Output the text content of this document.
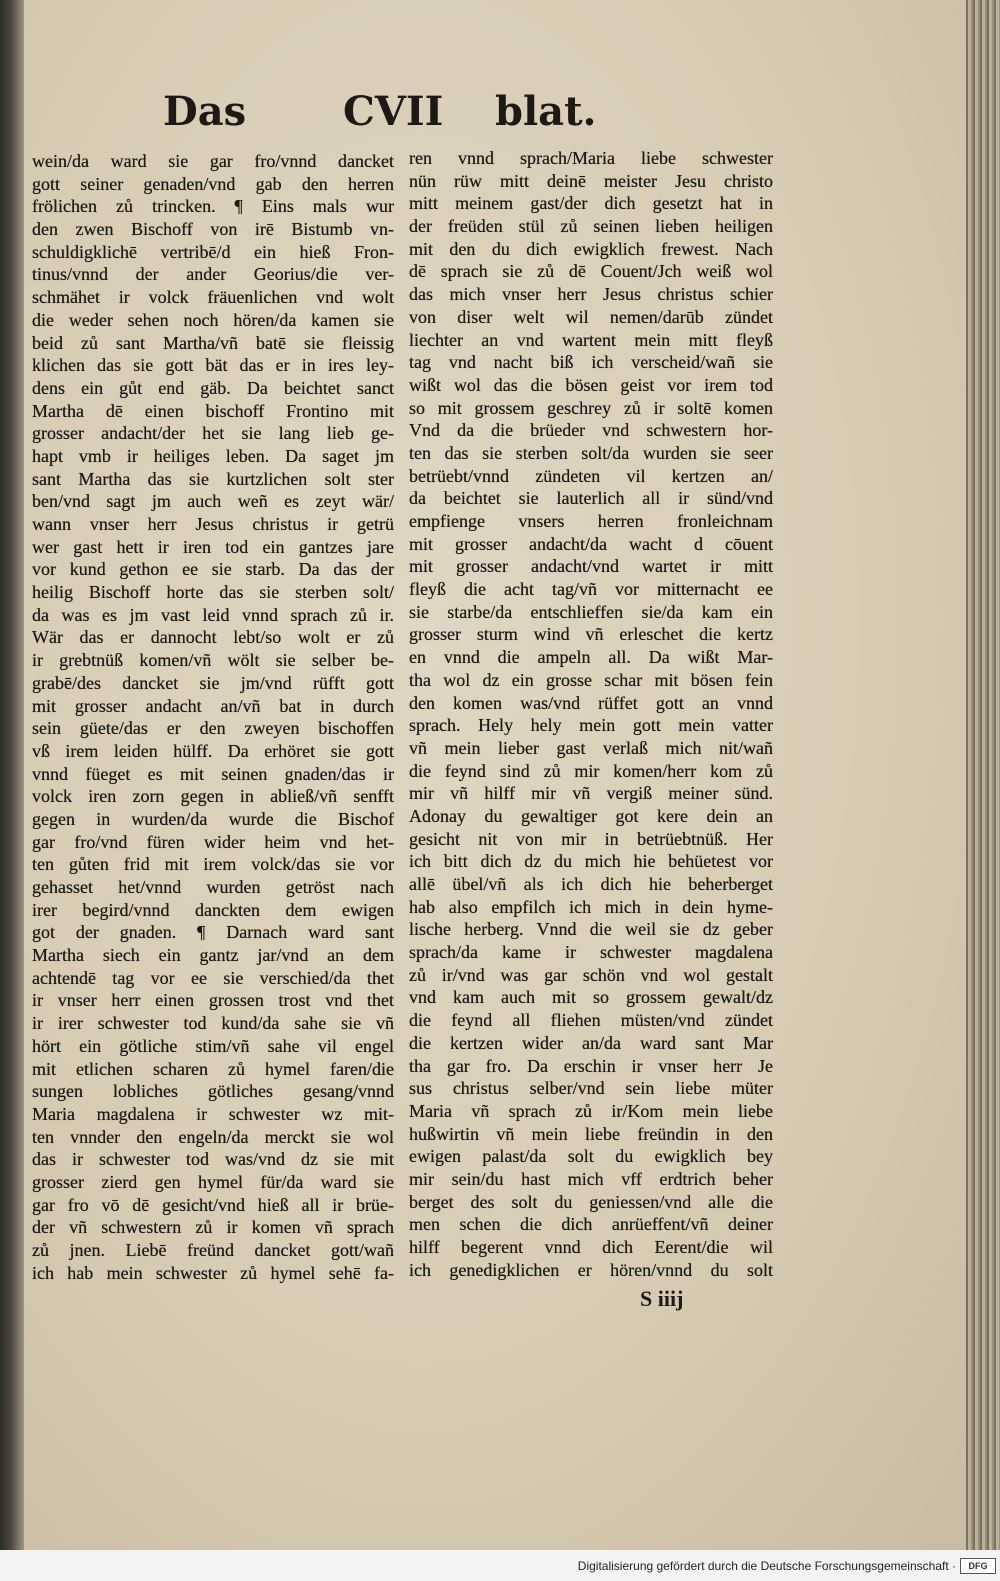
Das CVII blat.
wein/da ward sie gar fro/vnnd dancket
gott seiner genaden/vnd gab den herren
frölichen zů trincken. ¶ Eins mals wur
den zwen Bischoff von irē Bistumb vn-
schuldigklichē vertribē/d ein hieß Fron-
tinus/vnnd der ander Georius/die ver-
schmähet ir volck fräuenlichen vnd wolt
die weder sehen noch hören/da kamen sie
beid zů sant Martha/vñ batē sie fleissig
klichen das sie gott bät das er in ires ley-
dens ein gůt end gäb. Da beichtet sanct
Martha dē einen bischoff Frontino mit
grosser andacht/der het sie lang lieb ge-
hapt vmb ir heiliges leben. Da saget jm
sant Martha das sie kurtzlichen solt ster
ben/vnd sagt jm auch weñ es zeyt wär/
wann vnser herr Jesus christus ir getrü
wer gast hett ir iren tod ein gantzes jare
vor kund gethon ee sie starb. Da das der
heilig Bischoff horte das sie sterben solt/
da was es jm vast leid vnnd sprach zů ir.
Wär das er dannocht lebt/so wolt er zů
ir grebtnüß komen/vñ wölt sie selber be-
grabē/des dancket sie jm/vnd rüfft gott
mit grosser andacht an/vñ bat in durch
sein güete/das er den zweyen bischoffen
vß irem leiden hülff. Da erhöret sie gott
vnnd füeget es mit seinen gnaden/das ir
volck iren zorn gegen in abließ/vñ senfft
gegen in wurden/da wurde die Bischof
gar fro/vnd füren wider heim vnd het-
ten gůten frid mit irem volck/das sie vor
gehasset het/vnnd wurden getröst nach
irer begird/vnnd danckten dem ewigen
got der gnaden. ¶ Darnach ward sant
Martha siech ein gantz jar/vnd an dem
achtendē tag vor ee sie verschied/da thet
ir vnser herr einen grossen trost vnd thet
ir irer schwester tod kund/da sahe sie vñ
hört ein götliche stim/vñ sahe vil engel
mit etlichen scharen zů hymel faren/die
sungen lobliches götliches gesang/vnnd
Maria magdalena ir schwester wz mit-
ten vnnder den engeln/da merckt sie wol
das ir schwester tod was/vnd dz sie mit
grosser zierd gen hymel für/da ward sie
gar fro vō dē gesicht/vnd hieß all ir brüe-
der vñ schwestern zů ir komen vñ sprach
zů jnen. Liebē freünd dancket gott/wañ
ich hab mein schwester zů hymel sehē fa-
ren vnnd sprach/Maria liebe schwester
nün rüw mitt deinē meister Jesu christo
mitt meinem gast/der dich gesetzt hat in
der freüden stül zů seinen lieben heiligen
mit den du dich ewigklich frewest. Nach
dē sprach sie zů dē Couent/Jch weiß wol
das mich vnser herr Jesus christus schier
von diser welt wil nemen/darūb zündet
liechter an vnd wartent mein mitt fleyß
tag vnd nacht biß ich verscheid/wañ sie
wißt wol das die bösen geist vor irem tod
so mit grossem geschrey zů ir soltē komen
Vnd da die brüeder vnd schwestern hor-
ten das sie sterben solt/da wurden sie seer
betrüebt/vnnd zündeten vil kertzen an/
da beichtet sie lauterlich all ir sünd/vnd
empfienge vnsers herren fronleichnam
mit grosser andacht/da wacht d cōuent
mit grosser andacht/vnd wartet ir mitt
fleyß die acht tag/vñ vor mitternacht ee
sie starbe/da entschlieffen sie/da kam ein
grosser sturm wind vñ erleschet die kertz
en vnnd die ampeln all. Da wißt Mar-
tha wol dz ein grosse schar mit bösen fein
den komen was/vnd rüffet gott an vnnd
sprach. Hely hely mein gott mein vatter
vñ mein lieber gast verlaß mich nit/wañ
die feynd sind zů mir komen/herr kom zů
mir vñ hilff mir vñ vergiß meiner sünd.
Adonay du gewaltiger got kere dein an
gesicht nit von mir in betrüebtnüß. Her
ich bitt dich dz du mich hie behüetest vor
allē übel/vñ als ich dich hie beherberget
hab also empfilch ich mich in dein hyme-
lische herberg. Vnnd die weil sie dz geber
sprach/da kame ir schwester magdalena
zů ir/vnd was gar schön vnd wol gestalt
vnd kam auch mit so grossem gewalt/dz
die feynd all fliehen müsten/vnd zündet
die kertzen wider an/da ward sant Mar
tha gar fro. Da erschin ir vnser herr Je
sus christus selber/vnd sein liebe müter
Maria vñ sprach zů ir/Kom mein liebe
hußwirtin vñ mein liebe freündin in den
ewigen palast/da solt du ewigklich bey
mir sein/du hast mich vff erdtrich beher
berget des solt du geniessen/vnd alle die
men schen die dich anrüeffent/vñ deiner
hilff begerent vnnd dich Eerent/die wil
ich genedigklichen er hören/vnnd du solt
S iiij
Digitalisierung gefördert durch die Deutsche Forschungsgemeinschaft ·	DFG
